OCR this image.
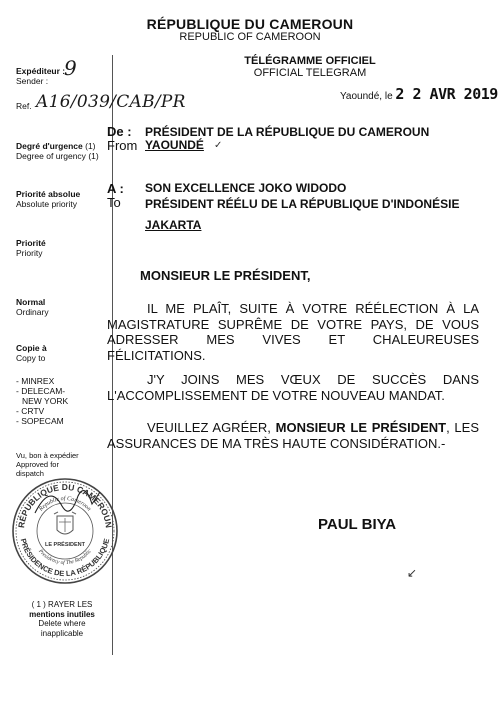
RÉPUBLIQUE DU CAMEROUN
REPUBLIC OF CAMEROON
TÉLÉGRAMME OFFICIEL
OFFICIAL TELEGRAM
Expéditeur :
Sender :
9
Ref. A16/039/CAB/PR
Degré d'urgence (1)
Degree of urgency (1)
Priorité absolue
Absolute priority
Priorité
Priority
Normal
Ordinary
Copie à
Copy to
- MINREX
- DELECAM-
NEW YORK
- CRTV
- SOPECAM
Vu, bon à expédier
Approved for
dispatch
RÉPUBLIQUE DU CAMEROUN
Republic of Cameroon
PRÉSIDENCE DE LA RÉPUBLIQUE
Presidency of The Republic
LE PRÉSIDENT
( 1 ) RAYER LES
mentions inutiles
Delete where
inapplicable
Yaoundé, le 2 2 AVR 2019
De :
From
PRÉSIDENT DE LA RÉPUBLIQUE DU CAMEROUN
YAOUNDÉ ✓
A :
To
SON EXCELLENCE JOKO WIDODO
PRÉSIDENT RÉÉLU DE LA RÉPUBLIQUE D'INDONÉSIE
JAKARTA
MONSIEUR LE PRÉSIDENT,
IL ME PLAÎT, SUITE À VOTRE RÉÉLECTION À LA MAGISTRATURE SUPRÊME DE VOTRE PAYS, DE VOUS ADRESSER MES VIVES ET CHALEUREUSES FÉLICITATIONS.
J'Y JOINS MES VŒUX DE SUCCÈS DANS L'ACCOMPLISSEMENT DE VOTRE NOUVEAU MANDAT.
VEUILLEZ AGRÉER, MONSIEUR LE PRÉSIDENT, LES ASSURANCES DE MA TRÈS HAUTE CONSIDÉRATION.-
PAUL BIYA
↙
